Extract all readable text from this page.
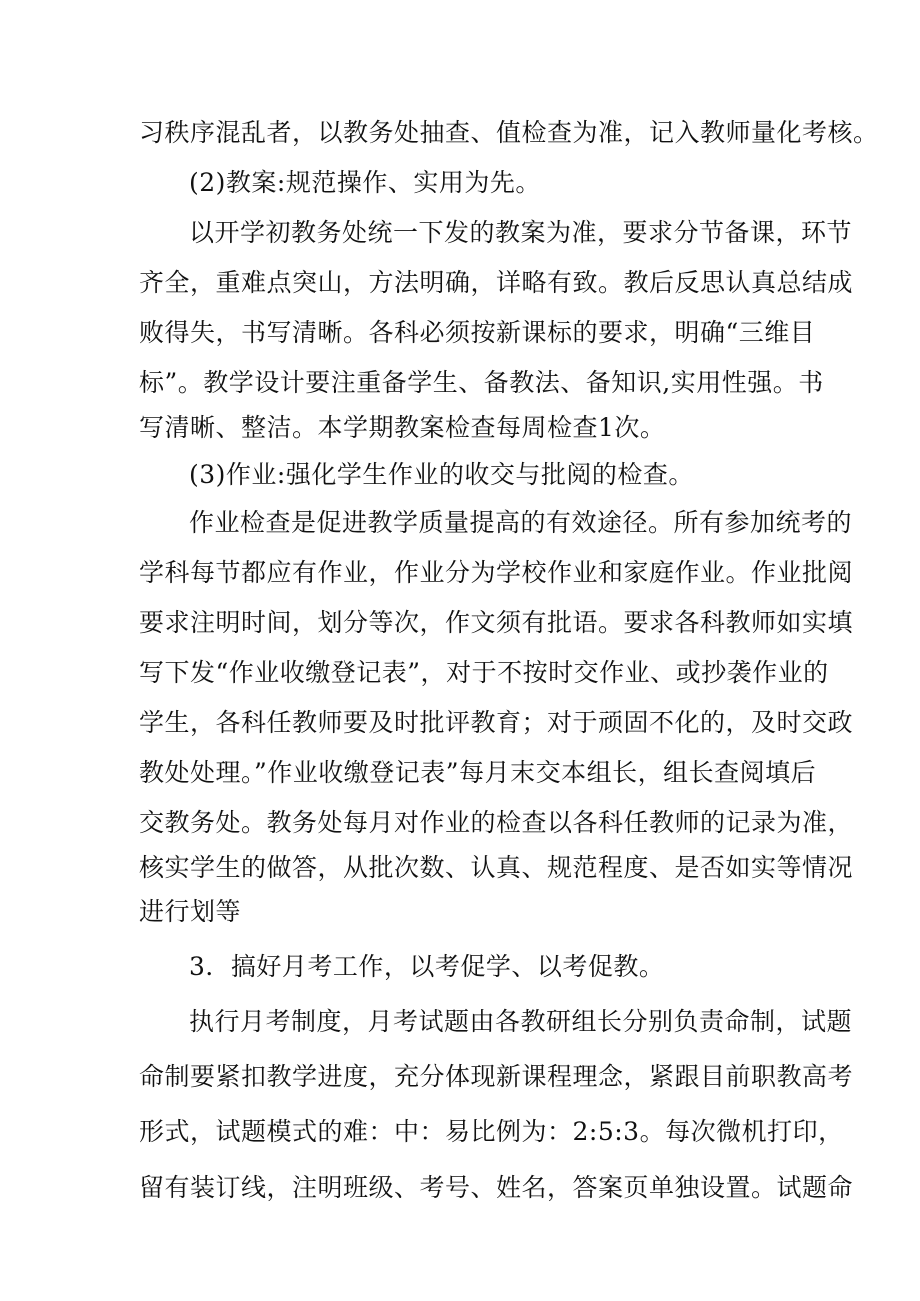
习秩序混乱者，以教务处抽查、值检查为准，记入教师量化考核。
(2)教案:规范操作、实用为先。
以开学初教务处统一下发的教案为准，要求分节备课，环节
齐全，重难点突山，方法明确，详略有致。教后反思认真总结成
败得失，书写清晰。各科必须按新课标的要求，明确“三维目
标”。教学设计要注重备学生、备教法、备知识,实用性强。书
写清晰、整洁。本学期教案检查每周检查1次。
(3)作业:强化学生作业的收交与批阅的检查。
作业检查是促进教学质量提高的有效途径。所有参加统考的
学科每节都应有作业，作业分为学校作业和家庭作业。作业批阅
要求注明时间，划分等次，作文须有批语。要求各科教师如实填
写下发“作业收缴登记表”，对于不按时交作业、或抄袭作业的
学生，各科任教师要及时批评教育；对于顽固不化的，及时交政
教处处理。”作业收缴登记表”每月末交本组长，组长查阅填后
交教务处。教务处每月对作业的检查以各科任教师的记录为准，
核实学生的做答，从批次数、认真、规范程度、是否如实等情况
进行划等
3．搞好月考工作，以考促学、以考促教。
执行月考制度，月考试题由各教研组长分别负责命制，试题
命制要紧扣教学进度，充分体现新课程理念，紧跟目前职教高考
形式，试题模式的难：中：易比例为：2:5:3。每次微机打印，
留有装订线，注明班级、考号、姓名，答案页单独设置。试题命
